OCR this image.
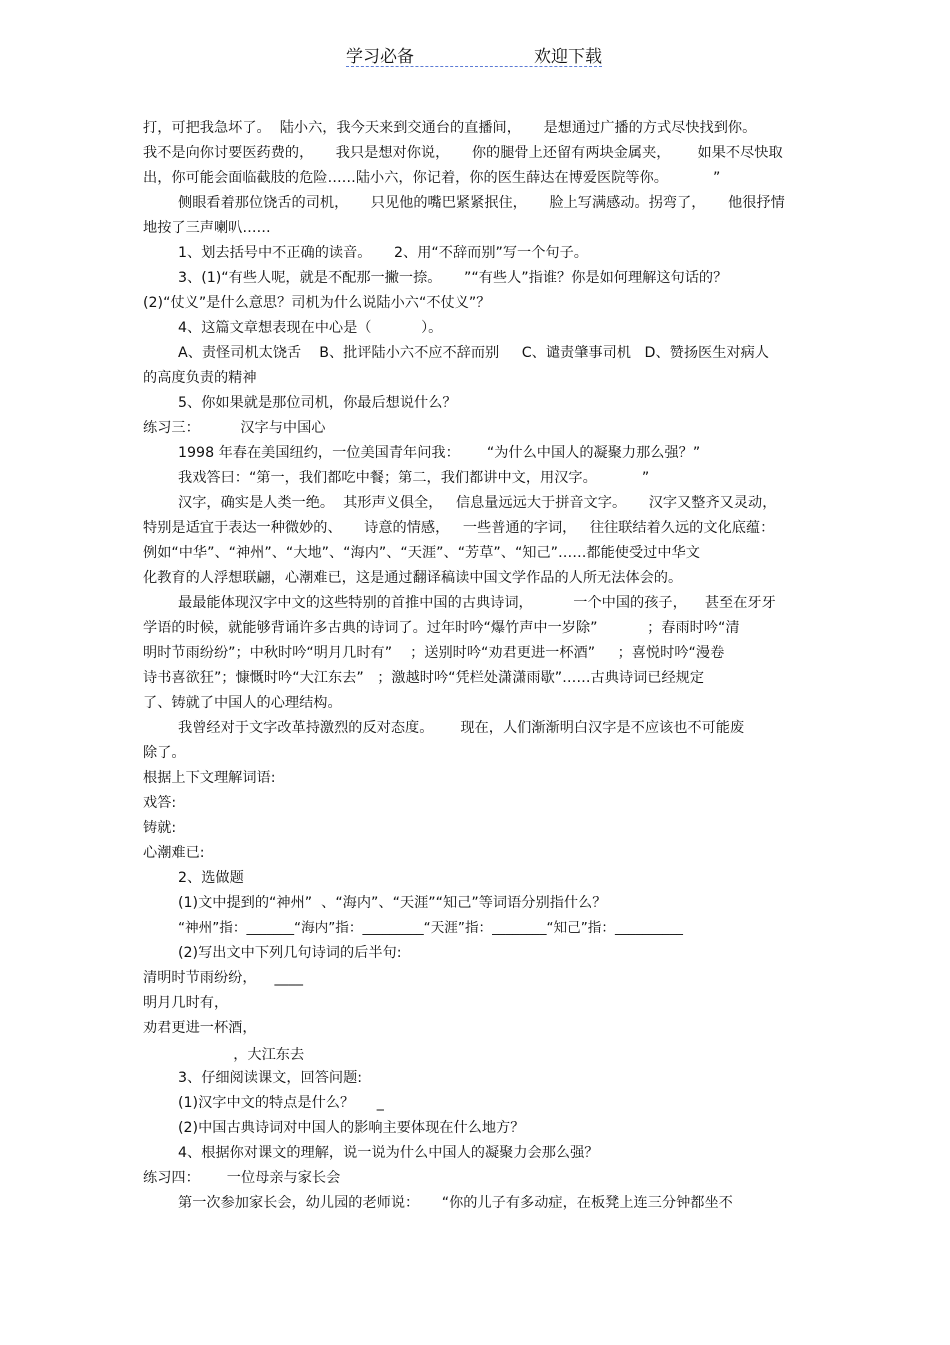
学习必备	欢迎下载
打，可把我急坏了。  陆小六，我今天来到交通台的直播间，     是想通过广播的方式尽快找到你。
我不是向你讨要医药费的，     我只是想对你说，     你的腿骨上还留有两块金属夹，      如果不尽快取
出，你可能会面临截肢的危险……陆小六，你记着，你的医生薛达在博爱医院等你。          ”
侧眼看着那位饶舌的司机，     只见他的嘴巴紧紧抿住，     脸上写满感动。拐弯了，     他很抒情
地按了三声喇叭……
1、划去括号中不正确的读音。     2、用“不辞而别”写一个句子。
3、(1)“有些人呢，就是不配那一撇一捺。     ”“有些人”指谁？你是如何理解这句话的？
(2)“仗义”是什么意思？司机为什么说陆小六“不仗义”？
4、这篇文章想表现在中心是（           ）。
A、责怪司机太饶舌    B、批评陆小六不应不辞而别     C、谴责肇事司机   D、赞扬医生对病人
的高度负责的精神
5、你如果就是那位司机，你最后想说什么？
练习三：         汉字与中国心
1998 年春在美国纽约，一位美国青年问我：      “为什么中国人的凝聚力那么强？”
我戏答曰：“第一，我们都吃中餐；第二，我们都讲中文，用汉字。          ”
汉字，确实是人类一绝。  其形声义俱全，   信息量远远大于拼音文字。     汉字又整齐又灵动，
特别是适宜于表达一种微妙的、     诗意的情感，   一些普通的字词，   往往联结着久远的文化底蕴：
例如“中华”、“神州”、“大地”、“海内”、“天涯”、“芳草”、“知己”……都能使受过中华文
化教育的人浮想联翩，心潮难已，这是通过翻译稿读中国文学作品的人所无法体会的。
最最能体现汉字中文的这些特别的首推中国的古典诗词，         一个中国的孩子，    甚至在牙牙
学语的时候，就能够背诵许多古典的诗词了。过年时吟“爆竹声中一岁除”           ；春雨时吟“清
明时节雨纷纷”；中秋时吟“明月几时有”    ；送别时吟“劝君更进一杯酒”     ；喜悦时吟“漫卷
诗书喜欲狂”；慷慨时吟“大江东去”   ；激越时吟“凭栏处潇潇雨歇”……古典诗词已经规定
了、铸就了中国人的心理结构。
我曾经对于文字改革持激烈的反对态度。      现在，人们渐渐明白汉字是不应该也不可能废
除了。
根据上下文理解词语:
戏答:
铸就:
心潮难已:
2、选做题
(1)文中提到的“神州”  、“海内”、“天涯”“知己”等词语分别指什么？
“神州”指：_______“海内”指：_________“天涯”指：________“知己”指：__________
(2)写出文中下列几句诗词的后半句:
清明时节雨纷纷，    ____
明月几时有，
劝君更进一杯酒，
，大江东去
3、仔细阅读课文，回答问题:
(1)汉字中文的特点是什么？     _
(2)中国古典诗词对中国人的影响主要体现在什么地方？
4、根据你对课文的理解，说一说为什么中国人的凝聚力会那么强？
练习四：      一位母亲与家长会
第一次参加家长会，幼儿园的老师说：     “你的儿子有多动症，在板凳上连三分钟都坐不
